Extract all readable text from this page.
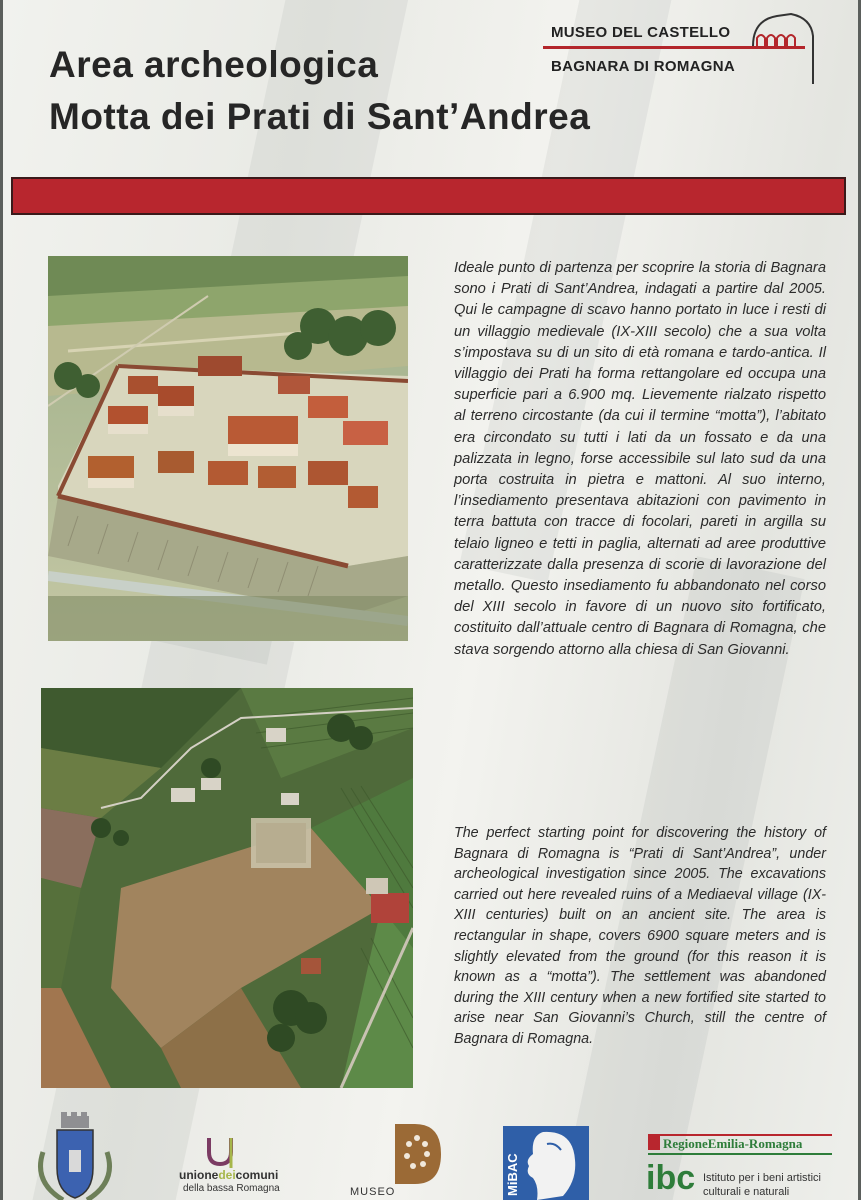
Area archeologica
Motta dei Prati di Sant’Andrea
MUSEO DEL CASTELLO
BAGNARA DI ROMAGNA

Ideale punto di partenza per scoprire la storia di Bagnara sono i Prati di Sant’Andrea, indagati a partire dal 2005. Qui le campagne di scavo hanno portato in luce i resti di un villaggio medievale (IX-XIII secolo) che a sua volta s’impostava su di un sito di età romana e tardo-antica. Il villaggio dei Prati ha forma rettangolare ed occupa una superficie pari a 6.900 mq. Lievemente rialzato rispetto al terreno circostante (da cui il termine “motta”), l’abitato era circondato su tutti i lati da un fossato e da una palizzata in legno, forse accessibile sul lato sud da una porta costruita in pietra e mattoni. Al suo interno, l’insediamento presentava abitazioni con pavimento in terra battuta con tracce di focolari, pareti in argilla su telaio ligneo e tetti in paglia, alternati ad aree produttive caratterizzate dalla presenza di scorie di lavorazione del metallo. Questo insediamento fu abbandonato nel corso del XIII secolo in favore di un nuovo sito fortificato, costituito dall’attuale centro di Bagnara di Romagna, che stava sorgendo attorno alla chiesa di San Giovanni.

The perfect starting point for discovering the history of Bagnara di Romagna is “Prati di Sant’Andrea”, under archeological investigation since 2005. The excavations carried out here revealed ruins of a Mediaeval village (IX-XIII centuries) built on an ancient site. The area is rectangular in shape, covers 6900 square meters and is slightly elevated from the ground (for this reason it is known as a “motta”). The settlement was abandoned during the XIII century when a new fortified site started to arise near San Giovanni’s Church, still the centre of Bagnara di Romagna.

unionedeicomuni
della bassa Romagna	MUSEO	MiBAC
RegioneEmilia-Romagna
ibc Istituto per i beni artistici
culturali e naturali
